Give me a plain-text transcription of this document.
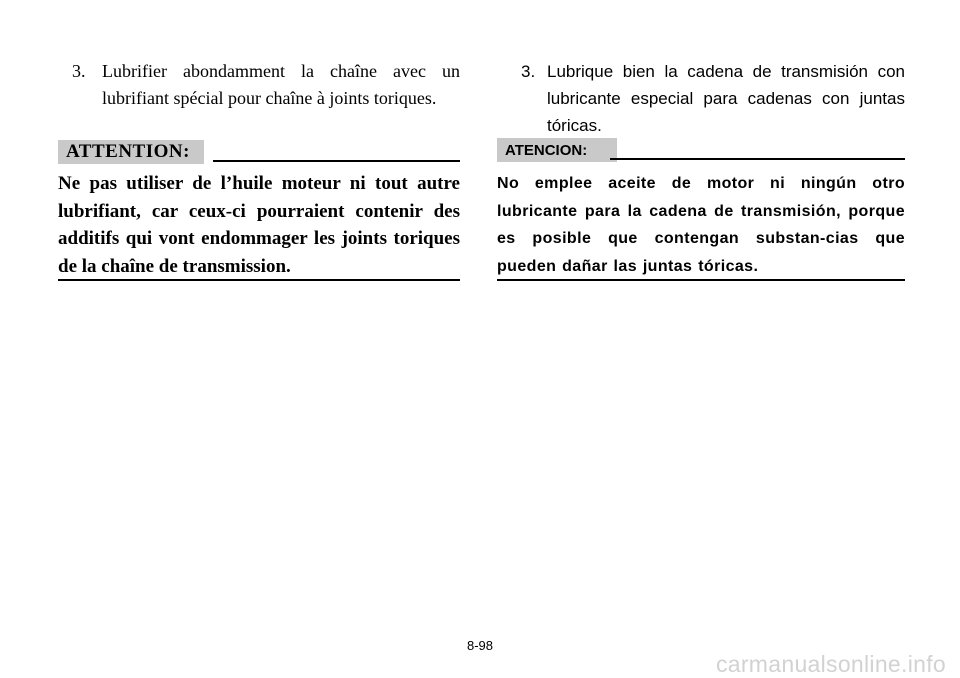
3. Lubrifier abondamment la chaîne avec un lubrifiant spécial pour chaîne à joints toriques.
ATTENTION:
Ne pas utiliser de l’huile moteur ni tout autre lubrifiant, car ceux-ci pourraient contenir des additifs qui vont endommager les joints toriques de la chaîne de transmission.
3. Lubrique bien la cadena de transmisión con lubricante especial para cadenas con juntas tóricas.
ATENCION:
No emplee aceite de motor ni ningún otro lubricante para la cadena de transmisión, porque es posible que contengan substan-cias que pueden dañar las juntas tóricas.
8-98
carmanualsonline.info
